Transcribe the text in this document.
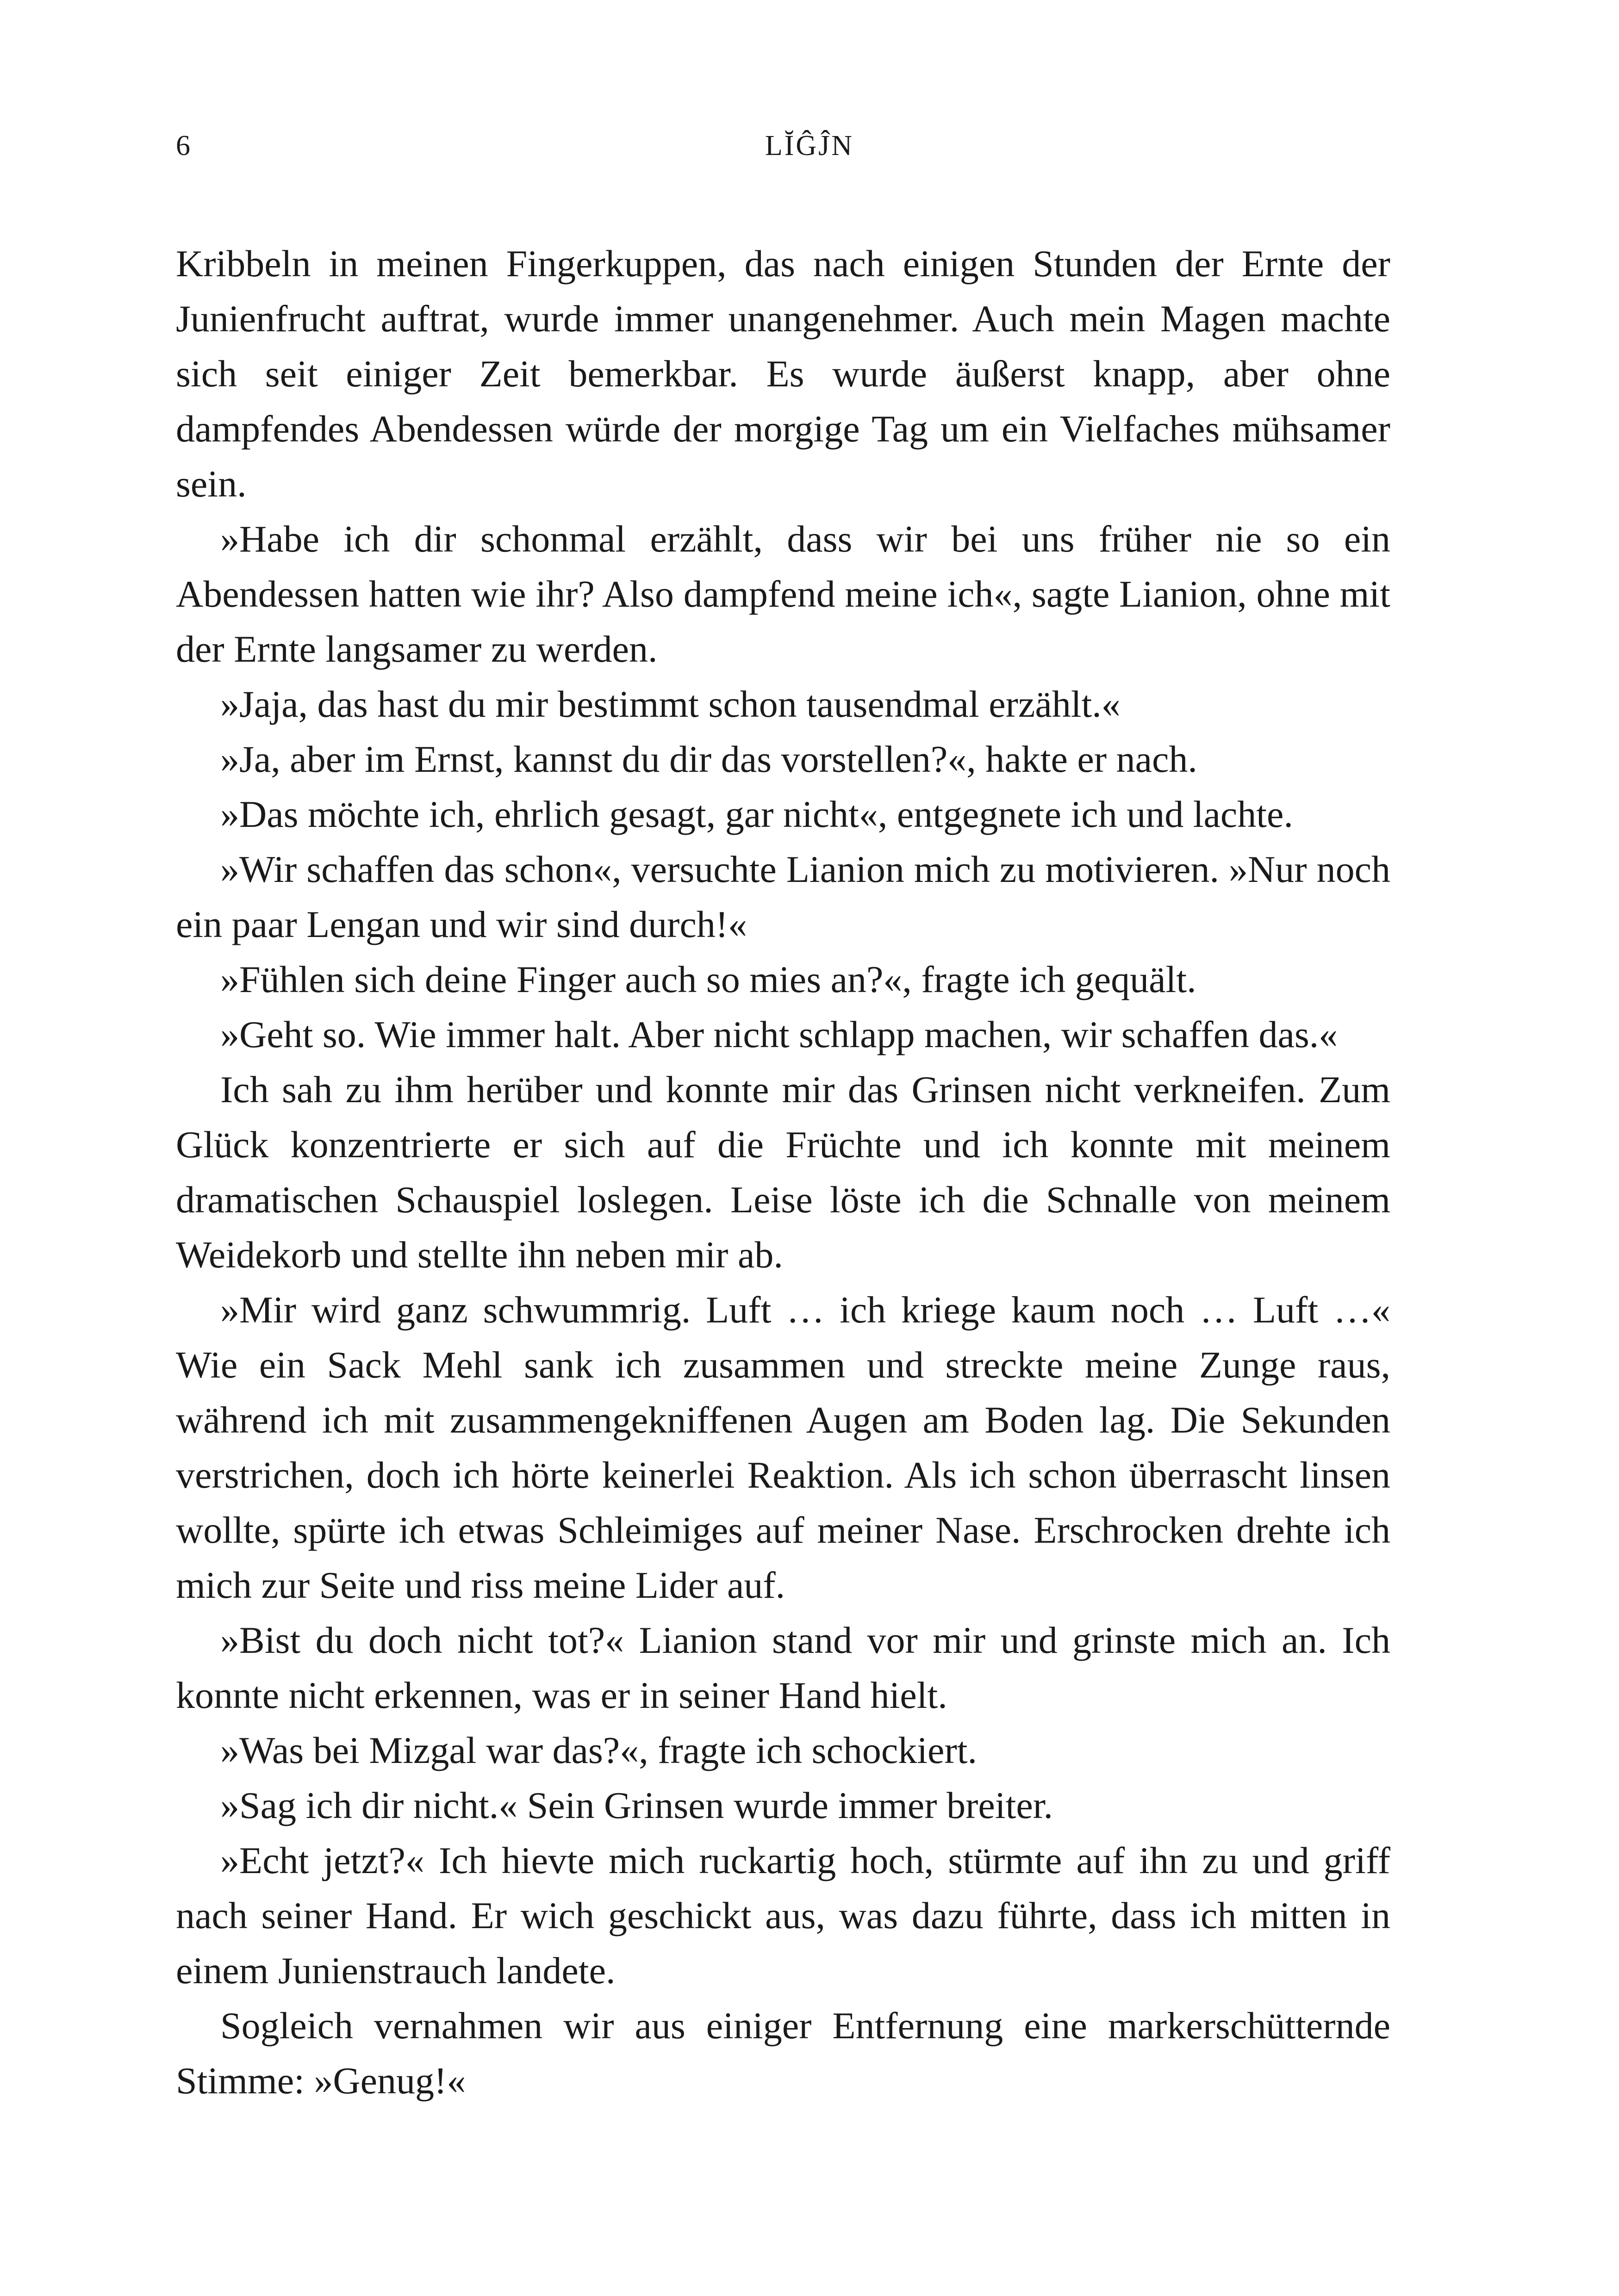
6	LĬĜĴN

Kribbeln in meinen Fingerkuppen, das nach einigen Stunden der Ernte der Junienfrucht auftrat, wurde immer unangenehmer. Auch mein Magen machte sich seit einiger Zeit bemerkbar. Es wurde äußerst knapp, aber ohne dampfendes Abendessen würde der morgige Tag um ein Vielfaches mühsamer sein.

»Habe ich dir schonmal erzählt, dass wir bei uns früher nie so ein Abendessen hatten wie ihr? Also dampfend meine ich«, sagte Lianion, ohne mit der Ernte langsamer zu werden.

»Jaja, das hast du mir bestimmt schon tausendmal erzählt.«

»Ja, aber im Ernst, kannst du dir das vorstellen?«, hakte er nach.

»Das möchte ich, ehrlich gesagt, gar nicht«, entgegnete ich und lachte.

»Wir schaffen das schon«, versuchte Lianion mich zu motivieren. »Nur noch ein paar Lengan und wir sind durch!«

»Fühlen sich deine Finger auch so mies an?«, fragte ich gequält.

»Geht so. Wie immer halt. Aber nicht schlapp machen, wir schaffen das.«

Ich sah zu ihm herüber und konnte mir das Grinsen nicht verkneifen. Zum Glück konzentrierte er sich auf die Früchte und ich konnte mit meinem dramatischen Schauspiel loslegen. Leise löste ich die Schnalle von meinem Weidekorb und stellte ihn neben mir ab.

»Mir wird ganz schwummrig. Luft … ich kriege kaum noch … Luft …« Wie ein Sack Mehl sank ich zusammen und streckte meine Zunge raus, während ich mit zusammengekniffenen Augen am Boden lag. Die Sekunden verstrichen, doch ich hörte keinerlei Reaktion. Als ich schon überrascht linsen wollte, spürte ich etwas Schleimiges auf meiner Nase. Erschrocken drehte ich mich zur Seite und riss meine Lider auf.

»Bist du doch nicht tot?« Lianion stand vor mir und grinste mich an. Ich konnte nicht erkennen, was er in seiner Hand hielt.

»Was bei Mizgal war das?«, fragte ich schockiert.

»Sag ich dir nicht.« Sein Grinsen wurde immer breiter.

»Echt jetzt?« Ich hievte mich ruckartig hoch, stürmte auf ihn zu und griff nach seiner Hand. Er wich geschickt aus, was dazu führte, dass ich mitten in einem Junienstrauch landete.

Sogleich vernahmen wir aus einiger Entfernung eine markerschütternde Stimme: »Genug!«
